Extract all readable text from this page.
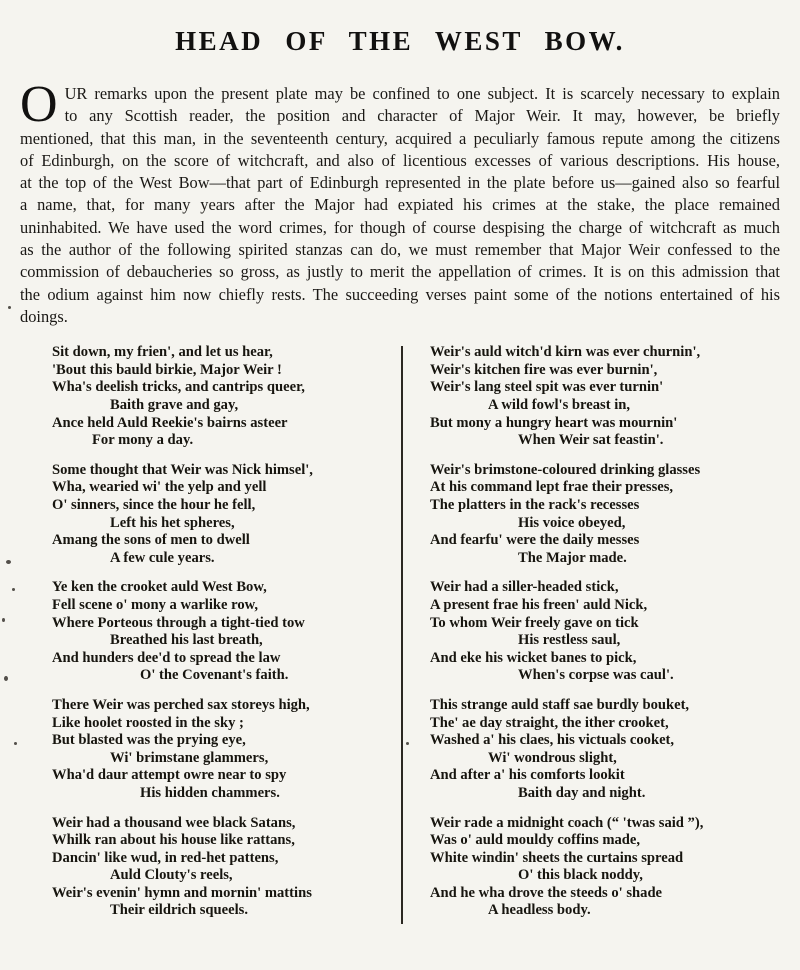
HEAD OF THE WEST BOW.

OUR remarks upon the present plate may be confined to one subject. It is scarcely necessary to explain to any Scottish reader, the position and character of Major Weir. It may, however, be briefly mentioned, that this man, in the seventeenth century, acquired a peculiarly famous repute among the citizens of Edinburgh, on the score of witchcraft, and also of licentious excesses of various descriptions. His house, at the top of the West Bow—that part of Edinburgh represented in the plate before us—gained also so fearful a name, that, for many years after the Major had expiated his crimes at the stake, the place remained uninhabited. We have used the word crimes, for though of course despising the charge of witchcraft as much as the author of the following spirited stanzas can do, we must remember that Major Weir confessed to the commission of debaucheries so gross, as justly to merit the appellation of crimes. It is on this admission that the odium against him now chiefly rests. The succeeding verses paint some of the notions entertained of his doings.

Sit down, my frien', and let us hear,
'Bout this bauld birkie, Major Weir !
Wha's deelish tricks, and cantrips queer,
Baith grave and gay,
Ance held Auld Reekie's bairns asteer
For mony a day.
Some thought that Weir was Nick himsel',
Wha, wearied wi' the yelp and yell
O' sinners, since the hour he fell,
Left his het spheres,
Amang the sons of men to dwell
A few cule years.
Ye ken the crooket auld West Bow,
Fell scene o' mony a warlike row,
Where Porteous through a tight-tied tow
Breathed his last breath,
And hunders dee'd to spread the law
O' the Covenant's faith.
There Weir was perched sax storeys high,
Like hoolet roosted in the sky ;
But blasted was the prying eye,
Wi' brimstane glammers,
Wha'd daur attempt owre near to spy
His hidden chammers.
Weir had a thousand wee black Satans,
Whilk ran about his house like rattans,
Dancin' like wud, in red-het pattens,
Auld Clouty's reels,
Weir's evenin' hymn and mornin' mattins
Their eildrich squeels.
Weir's auld witch'd kirn was ever churnin',
Weir's kitchen fire was ever burnin',
Weir's lang steel spit was ever turnin'
A wild fowl's breast in,
But mony a hungry heart was mournin'
When Weir sat feastin'.
Weir's brimstone-coloured drinking glasses
At his command lept frae their presses,
The platters in the rack's recesses
His voice obeyed,
And fearfu' were the daily messes
The Major made.
Weir had a siller-headed stick,
A present frae his freen' auld Nick,
To whom Weir freely gave on tick
His restless saul,
And eke his wicket banes to pick,
When's corpse was caul'.
This strange auld staff sae burdly bouket,
The' ae day straight, the ither crooket,
Washed a' his claes, his victuals cooket,
Wi' wondrous slight,
And after a' his comforts lookit
Baith day and night.
Weir rade a midnight coach (“ 'twas said ”),
Was o' auld mouldy coffins made,
White windin' sheets the curtains spread
O' this black noddy,
And he wha drove the steeds o' shade
A headless body.
